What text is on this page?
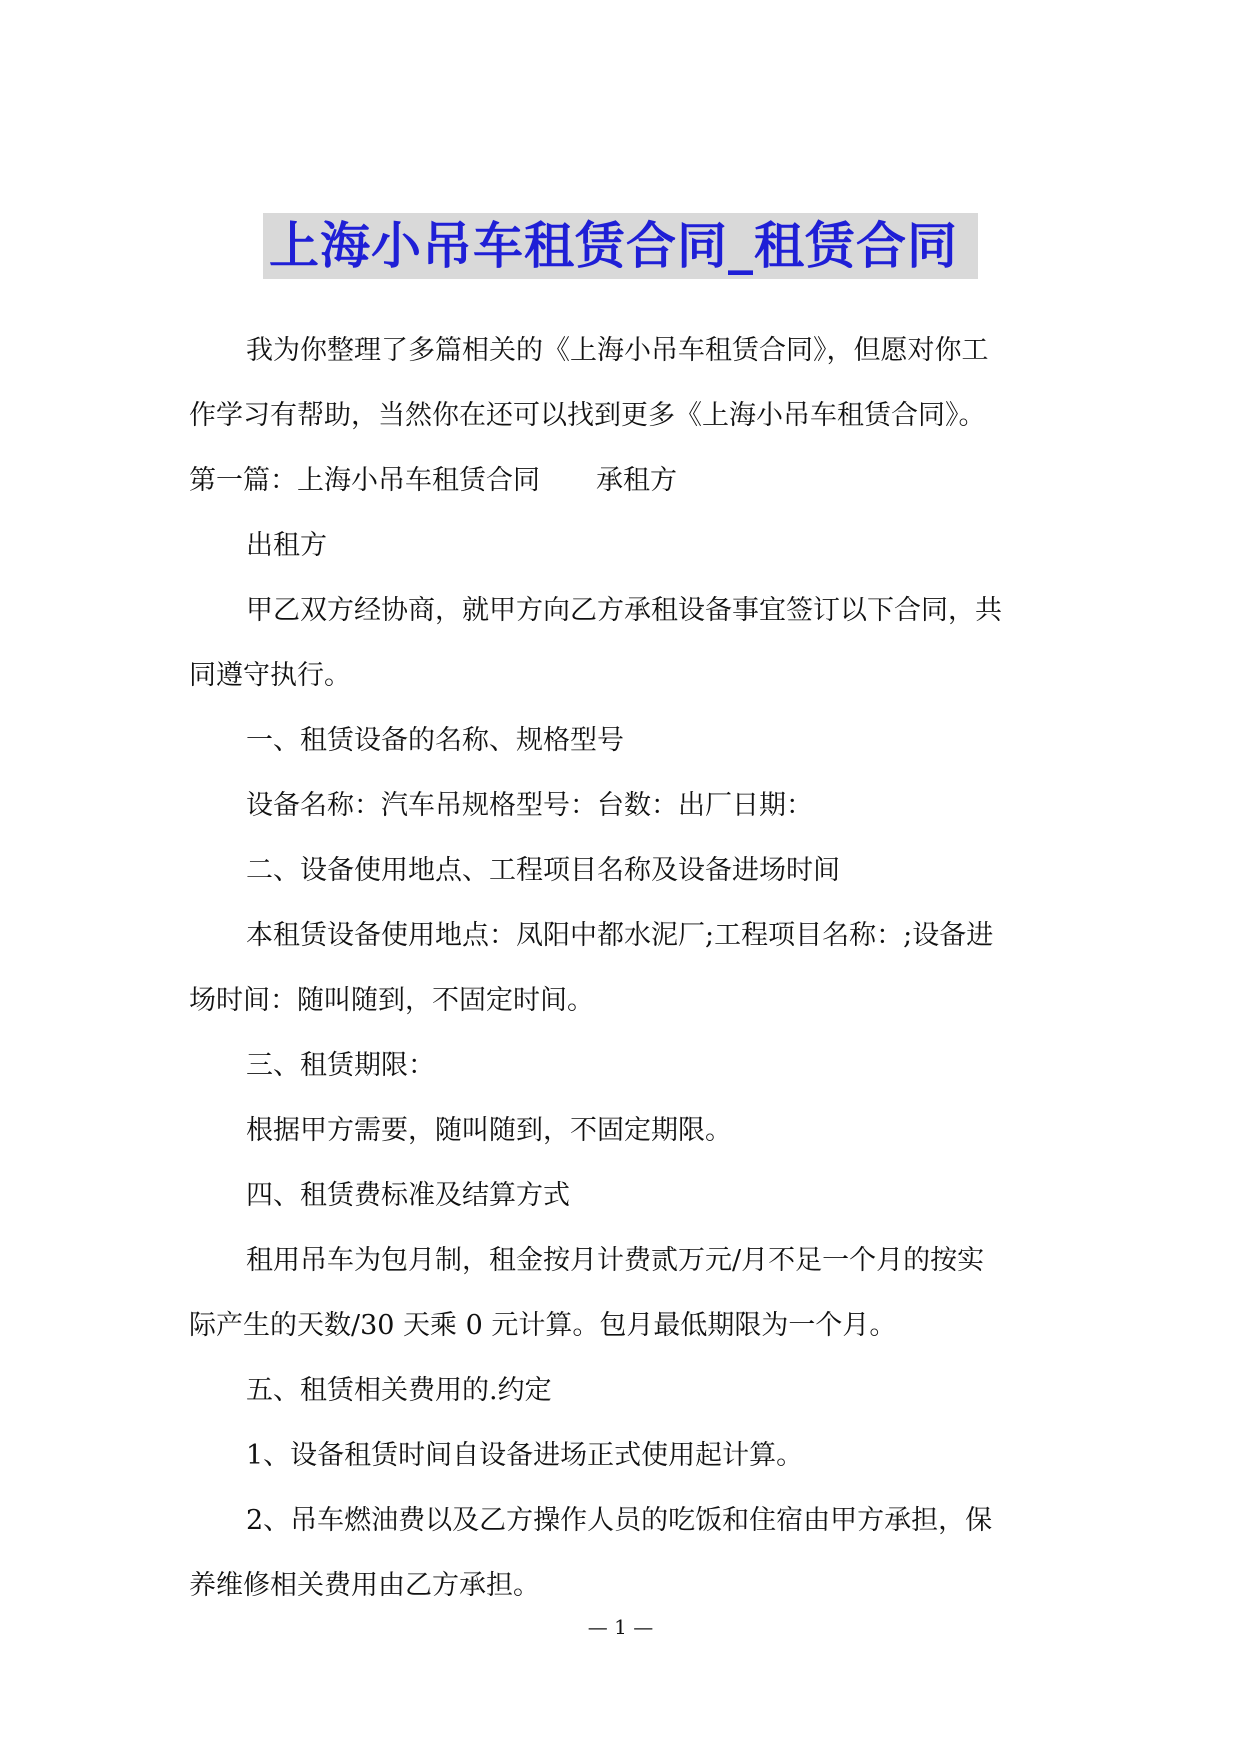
上海小吊车租赁合同_租赁合同

我为你整理了多篇相关的《上海小吊车租赁合同》，但愿对你工

作学习有帮助，当然你在还可以找到更多《上海小吊车租赁合同》。

第一篇：上海小吊车租赁合同 承租方

出租方

甲乙双方经协商，就甲方向乙方承租设备事宜签订以下合同，共

同遵守执行。

一、租赁设备的名称、规格型号

设备名称：汽车吊规格型号：台数：出厂日期：

二、设备使用地点、工程项目名称及设备进场时间

本租赁设备使用地点：凤阳中都水泥厂;工程项目名称：;设备进

场时间：随叫随到，不固定时间。

三、租赁期限：

根据甲方需要，随叫随到，不固定期限。

四、租赁费标准及结算方式

租用吊车为包月制，租金按月计费贰万元/月不足一个月的按实

际产生的天数/30 天乘 0 元计算。包月最低期限为一个月。

五、租赁相关费用的.约定

1、设备租赁时间自设备进场正式使用起计算。

2、吊车燃油费以及乙方操作人员的吃饭和住宿由甲方承担，保

养维修相关费用由乙方承担。

— 1 —
